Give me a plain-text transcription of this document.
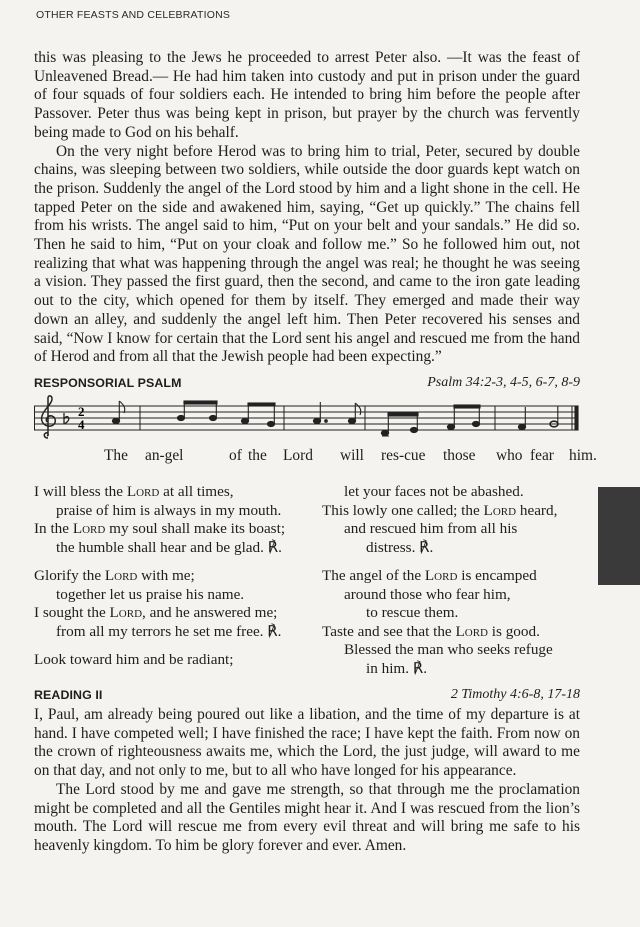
OTHER FEASTS AND CELEBRATIONS

this was pleasing to the Jews he proceeded to arrest Peter also. —It was the feast of Unleavened Bread.— He had him taken into custody and put in prison under the guard of four squads of four soldiers each. He intended to bring him before the people after Passover. Peter thus was being kept in prison, but prayer by the church was fervently being made to God on his behalf.

On the very night before Herod was to bring him to trial, Peter, secured by double chains, was sleeping between two soldiers, while outside the door guards kept watch on the prison. Suddenly the angel of the Lord stood by him and a light shone in the cell. He tapped Peter on the side and awakened him, saying, “Get up quickly.” The chains fell from his wrists. The angel said to him, “Put on your belt and your sandals.” He did so. Then he said to him, “Put on your cloak and follow me.” So he followed him out, not realizing that what was happening through the angel was real; he thought he was seeing a vision. They passed the first guard, then the second, and came to the iron gate leading out to the city, which opened for them by itself. They emerged and made their way down an alley, and suddenly the angel left him. Then Peter recovered his senses and said, “Now I know for certain that the Lord sent his angel and rescued me from the hand of Herod and from all that the Jewish people had been expecting.”

RESPONSORIAL PSALM	Psalm 34:2-3, 4-5, 6-7, 8-9
2
4
The an-gel	of the Lord will res-cue those who fear him.
I will bless the Lord at all times,
praise of him is always in my mouth.
In the Lord my soul shall make its boast;
the humble shall hear and be glad. ℟.
Glorify the Lord with me;
together let us praise his name.
I sought the Lord, and he answered me;
from all my terrors he set me free. ℟.
Look toward him and be radiant;
let your faces not be abashed.
This lowly one called; the Lord heard,
and rescued him from all his
distress. ℟.
The angel of the Lord is encamped
around those who fear him,
to rescue them.
Taste and see that the Lord is good.
Blessed the man who seeks refuge
in him. ℟.
READING II	2 Timothy 4:6-8, 17-18

I, Paul, am already being poured out like a libation, and the time of my departure is at hand. I have competed well; I have finished the race; I have kept the faith. From now on the crown of righteousness awaits me, which the Lord, the just judge, will award to me on that day, and not only to me, but to all who have longed for his appearance.

The Lord stood by me and gave me strength, so that through me the proclamation might be completed and all the Gentiles might hear it. And I was rescued from the lion’s mouth. The Lord will rescue me from every evil threat and will bring me safe to his heavenly kingdom. To him be glory forever and ever. Amen.
